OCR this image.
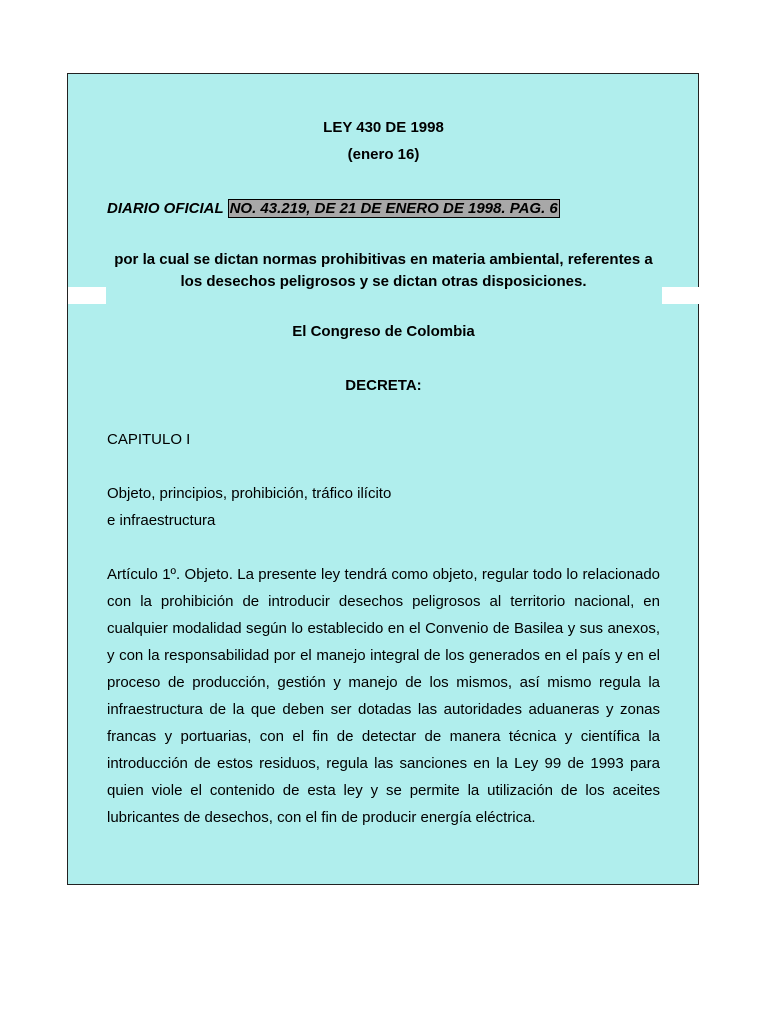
LEY 430 DE 1998
(enero 16)
DIARIO OFICIAL NO. 43.219, DE 21 DE ENERO DE 1998. PAG. 6
por la cual se dictan normas prohibitivas en materia ambiental, referentes a los desechos peligrosos y se dictan otras disposiciones.
El Congreso de Colombia
DECRETA:
CAPITULO I
Objeto, principios, prohibición, tráfico ilícito
e infraestructura
Artículo 1º. Objeto. La presente ley tendrá como objeto, regular todo lo relacionado con la prohibición de introducir desechos peligrosos al territorio nacional, en cualquier modalidad según lo establecido en el Convenio de Basilea y sus anexos, y con la responsabilidad por el manejo integral de los generados en el país y en el proceso de producción, gestión y manejo de los mismos, así mismo regula la infraestructura de la que deben ser dotadas las autoridades aduaneras y zonas francas y portuarias, con el fin de detectar de manera técnica y científica la introducción de estos residuos, regula las sanciones en la Ley 99 de 1993 para quien viole el contenido de esta ley y se permite la utilización de los aceites lubricantes de desechos, con el fin de producir energía eléctrica.
